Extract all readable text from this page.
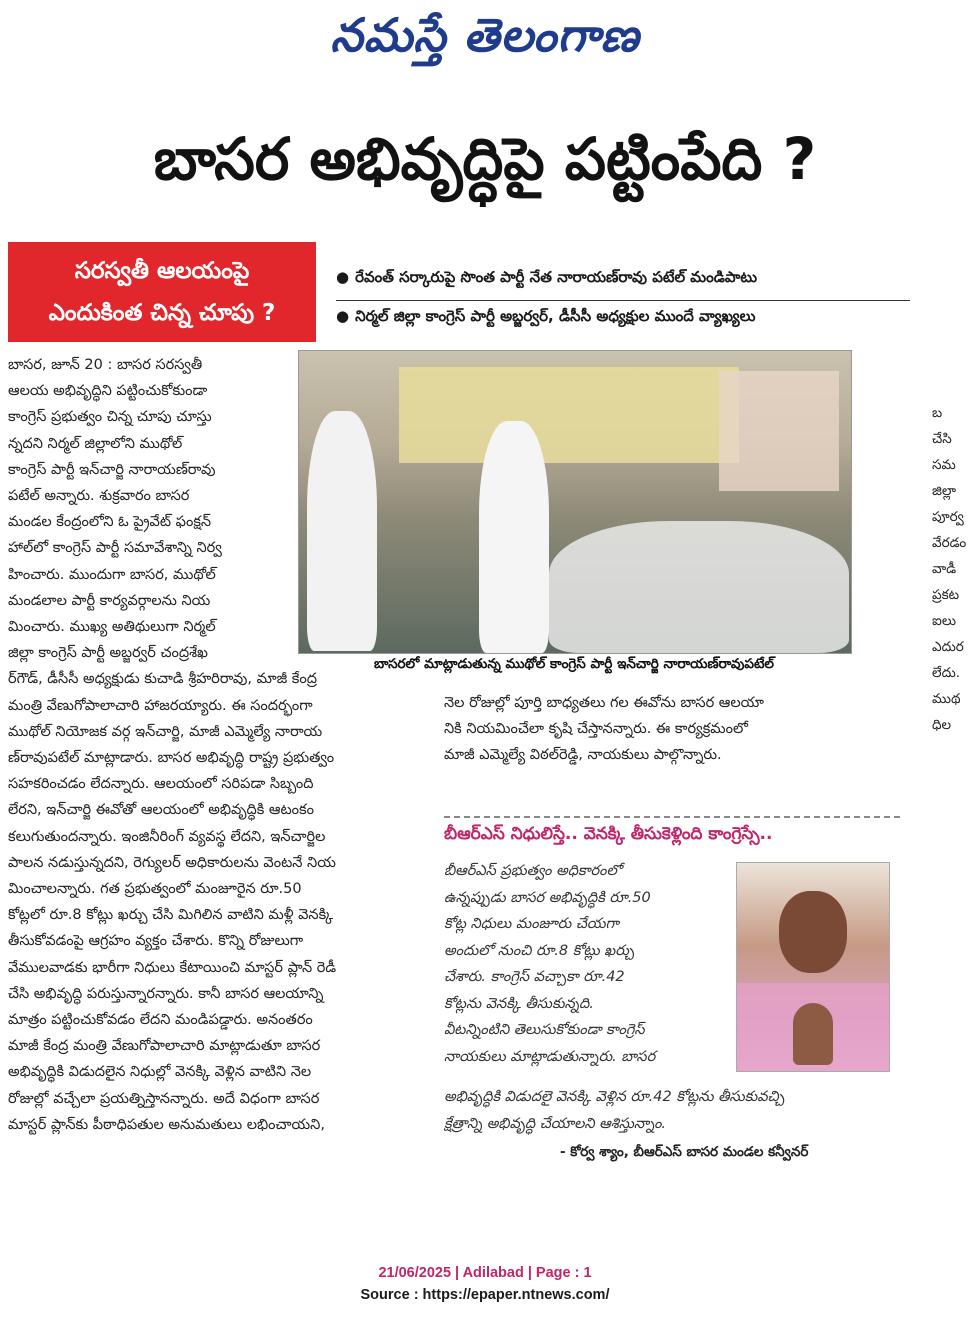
నమస్తే తెలంగాణ
బాసర అభివృద్ధిపై పట్టింపేది ?
సరస్వతీ ఆలయంపై
ఎందుకింత చిన్న చూపు ?
● రేవంత్ సర్కారుపై సొంత పార్టీ నేత నారాయణ్‌రావు పటేల్ మండిపాటు
● నిర్మల్ జిల్లా కాంగ్రెస్ పార్టీ అబ్జర్వర్, డీసీసీ అధ్యక్షుల ముందే వ్యాఖ్యలు

బాసర, జూన్ 20 : బాసర సరస్వతీ

ఆలయ అభివృద్ధిని పట్టించుకోకుండా

కాంగ్రెస్ ప్రభుత్వం చిన్న చూపు చూస్తు

న్నదని నిర్మల్ జిల్లాలోని ముథోల్

కాంగ్రెస్ పార్టీ ఇన్‌చార్జి నారాయణ్‌రావు

పటేల్ అన్నారు. శుక్రవారం బాసర

మండల కేంద్రంలోని ఓ ప్రైవేట్ ఫంక్షన్

హాల్‌లో కాంగ్రెస్ పార్టీ సమావేశాన్ని నిర్వ

హించారు. ముందుగా బాసర, ముథోల్

మండలాల పార్టీ కార్యవర్గాలను నియ

మించారు. ముఖ్య అతిథులుగా నిర్మల్

జిల్లా కాంగ్రెస్ పార్టీ అబ్జర్వర్ చంద్రశేఖ

ర్‌గౌడ్, డీసీసీ అధ్యక్షుడు కుచాడి శ్రీహరిరావు, మాజీ కేంద్ర

మంత్రి వేణుగోపాలాచారి హాజరయ్యారు. ఈ సందర్భంగా

ముథోల్ నియోజక వర్గ ఇన్‌చార్జి, మాజీ ఎమ్మెల్యే నారాయ

ణ్‌రావుపటేల్ మాట్లాడారు. బాసర అభివృద్ధి రాష్ట్ర ప్రభుత్వం

సహకరించడం లేదన్నారు. ఆలయంలో సరిపడా సిబ్బంది

లేరని, ఇన్‌చార్జి ఈవోతో ఆలయంలో అభివృద్ధికి ఆటంకం

కలుగుతుందన్నారు. ఇంజినీరింగ్ వ్యవస్థ లేదని, ఇన్‌చార్జిల

పాలన నడుస్తున్నదని, రెగ్యులర్ అధికారులను వెంటనే నియ

మించాలన్నారు. గత ప్రభుత్వంలో మంజూరైన రూ.50

కోట్లలో రూ.8 కోట్లు ఖర్చు చేసి మిగిలిన వాటిని మళ్లీ వెనక్కి

తీసుకోవడంపై ఆగ్రహం వ్యక్తం చేశారు. కొన్ని రోజులుగా

వేములవాడకు భారీగా నిధులు కేటాయించి మాస్టర్ ప్లాన్ రెడీ

చేసి అభివృద్ధి పరుస్తున్నారన్నారు. కానీ బాసర ఆలయాన్ని

మాత్రం పట్టించుకోవడం లేదని మండిపడ్డారు. అనంతరం

మాజీ కేంద్ర మంత్రి వేణుగోపాలాచారి మాట్లాడుతూ బాసర

అభివృద్ధికి విడుదలైన నిధుల్లో వెనక్కి వెళ్లిన వాటిని నెల

రోజుల్లో వచ్చేలా ప్రయత్నిస్తానన్నారు. అదే విధంగా బాసర

మాస్టర్ ప్లాన్‌కు పీఠాధిపతుల అనుమతులు లభించాయని,

బాసరలో మాట్లాడుతున్న ముథోల్ కాంగ్రెస్ పార్టీ ఇన్‌చార్జి నారాయణ్‌రావుపటేల్

నెల రోజుల్లో పూర్తి బాధ్యతలు గల ఈవోను బాసర ఆలయా

నికి నియమించేలా కృషి చేస్తానన్నారు. ఈ కార్యక్రమంలో

మాజీ ఎమ్మెల్యే విఠల్‌రెడ్డి, నాయకులు పాల్గొన్నారు.

బీఆర్ఎస్ నిధులిస్తే.. వెనక్కి తీసుకెళ్లింది కాంగ్రెస్సే..

బీఆర్ఎస్ ప్రభుత్వం అధికారంలో

ఉన్నప్పుడు బాసర అభివృద్ధికి రూ.50

కోట్ల నిధులు మంజూరు చేయగా

అందులో నుంచి రూ.8 కోట్లు ఖర్చు

చేశారు. కాంగ్రెస్ వచ్చాకా రూ.42

కోట్లను వెనక్కి తీసుకున్నది.

వీటన్నింటిని తెలుసుకోకుండా కాంగ్రెస్

నాయకులు మాట్లాడుతున్నారు. బాసర

అభివృద్ధికి విడుదలై వెనక్కి వెళ్లిన రూ.42 కోట్లను తీసుకువచ్చి

క్షేత్రాన్ని అభివృద్ధి చేయాలని ఆశిస్తున్నాం.

- కోర్వ శ్యాం, బీఆర్ఎస్ బాసర మండల కన్వీనర్

బ

చేసి

సమ

జిల్లా

పూర్వ

వేరడం

వాడీ

ప్రకట

ఐలు

ఎదుర

లేదు.

ముథ

ధిల

21/06/2025 | Adilabad | Page : 1
Source : https://epaper.ntnews.com/
